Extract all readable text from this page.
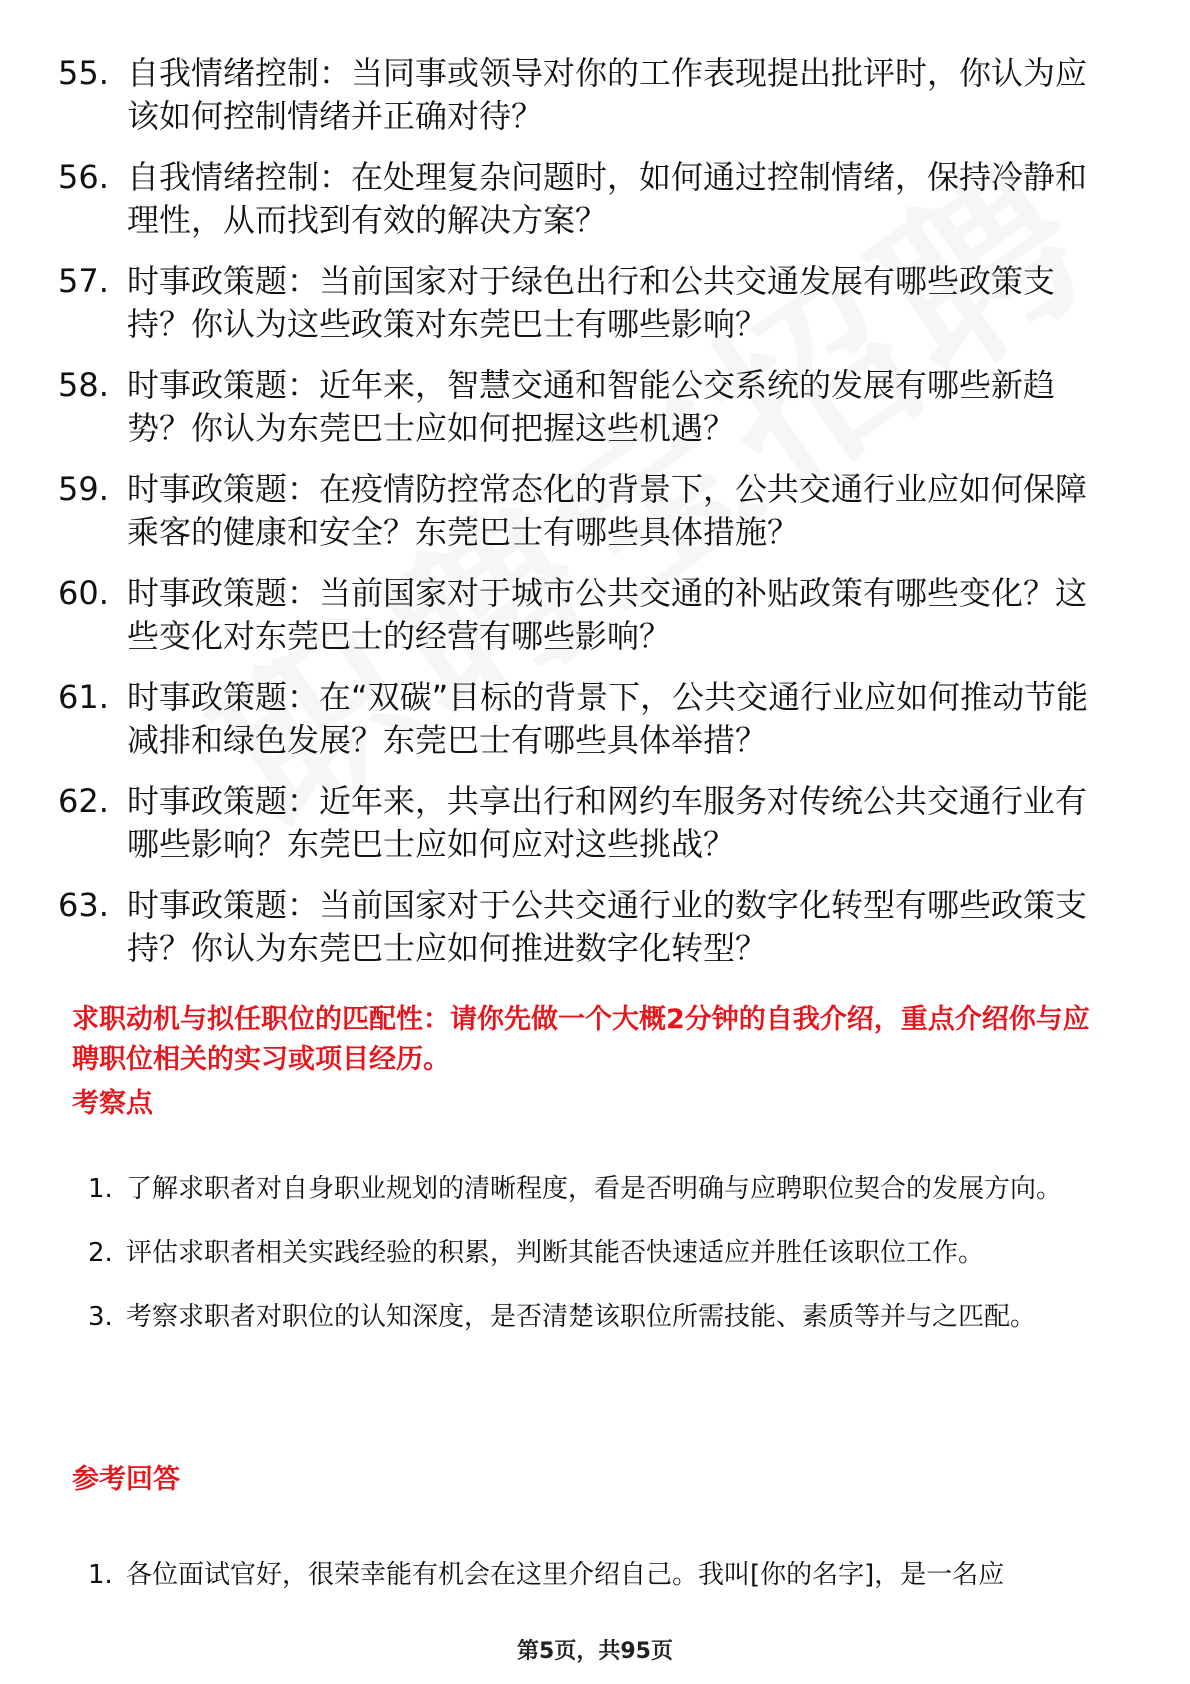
55. 自我情绪控制：当同事或领导对你的工作表现提出批评时，你认为应该如何控制情绪并正确对待？
56. 自我情绪控制：在处理复杂问题时，如何通过控制情绪，保持冷静和理性，从而找到有效的解决方案？
57. 时事政策题：当前国家对于绿色出行和公共交通发展有哪些政策支持？你认为这些政策对东莞巴士有哪些影响？
58. 时事政策题：近年来，智慧交通和智能公交系统的发展有哪些新趋势？你认为东莞巴士应如何把握这些机遇？
59. 时事政策题：在疫情防控常态化的背景下，公共交通行业应如何保障乘客的健康和安全？东莞巴士有哪些具体措施？
60. 时事政策题：当前国家对于城市公共交通的补贴政策有哪些变化？这些变化对东莞巴士的经营有哪些影响？
61. 时事政策题：在“双碳”目标的背景下，公共交通行业应如何推动节能减排和绿色发展？东莞巴士有哪些具体举措？
62. 时事政策题：近年来，共享出行和网约车服务对传统公共交通行业有哪些影响？东莞巴士应如何应对这些挑战？
63. 时事政策题：当前国家对于公共交通行业的数字化转型有哪些政策支持？你认为东莞巴士应如何推进数字化转型？
求职动机与拟任职位的匹配性：请你先做一个大概2分钟的自我介绍，重点介绍你与应聘职位相关的实习或项目经历。
考察点
1. 了解求职者对自身职业规划的清晰程度，看是否明确与应聘职位契合的发展方向。
2. 评估求职者相关实践经验的积累，判断其能否快速适应并胜任该职位工作。
3. 考察求职者对职位的认知深度，是否清楚该职位所需技能、素质等并与之匹配。
参考回答
1. 各位面试官好，很荣幸能有机会在这里介绍自己。我叫[你的名字]，是一名应
第5页，共95页
